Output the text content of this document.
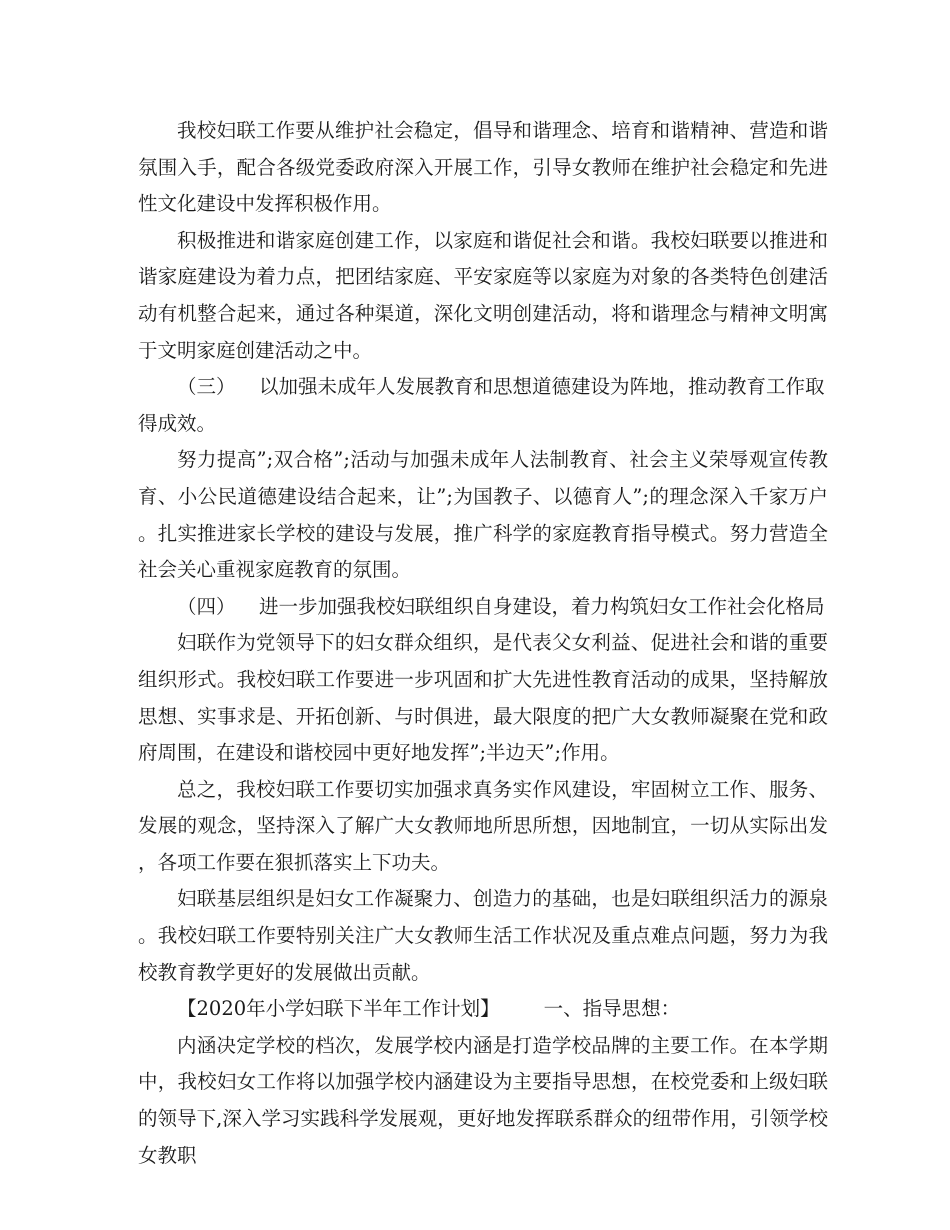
我校妇联工作要从维护社会稳定，倡导和谐理念、培育和谐精神、营造和谐氛围入手，配合各级党委政府深入开展工作，引导女教师在维护社会稳定和先进性文化建设中发挥积极作用。

积极推进和谐家庭创建工作，以家庭和谐促社会和谐。我校妇联要以推进和谐家庭建设为着力点，把团结家庭、平安家庭等以家庭为对象的各类特色创建活动有机整合起来，通过各种渠道，深化文明创建活动，将和谐理念与精神文明寓于文明家庭创建活动之中。

（三） 以加强未成年人发展教育和思想道德建设为阵地，推动教育工作取得成效。

努力提高”;双合格”;活动与加强未成年人法制教育、社会主义荣辱观宣传教育、小公民道德建设结合起来，让”;为国教子、以德育人”;的理念深入千家万户。扎实推进家长学校的建设与发展，推广科学的家庭教育指导模式。努力营造全社会关心重视家庭教育的氛围。

（四） 进一步加强我校妇联组织自身建设，着力构筑妇女工作社会化格局

妇联作为党领导下的妇女群众组织，是代表父女利益、促进社会和谐的重要组织形式。我校妇联工作要进一步巩固和扩大先进性教育活动的成果，坚持解放思想、实事求是、开拓创新、与时俱进，最大限度的把广大女教师凝聚在党和政府周围，在建设和谐校园中更好地发挥”;半边天”;作用。

总之，我校妇联工作要切实加强求真务实作风建设，牢固树立工作、服务、发展的观念，坚持深入了解广大女教师地所思所想，因地制宜，一切从实际出发，各项工作要在狠抓落实上下功夫。

妇联基层组织是妇女工作凝聚力、创造力的基础，也是妇联组织活力的源泉。我校妇联工作要特别关注广大女教师生活工作状况及重点难点问题，努力为我校教育教学更好的发展做出贡献。

【2020年小学妇联下半年工作计划】 一、指导思想：

内涵决定学校的档次，发展学校内涵是打造学校品牌的主要工作。在本学期中，我校妇女工作将以加强学校内涵建设为主要指导思想，在校党委和上级妇联的领导下,深入学习实践科学发展观，更好地发挥联系群众的纽带作用，引领学校女教职
